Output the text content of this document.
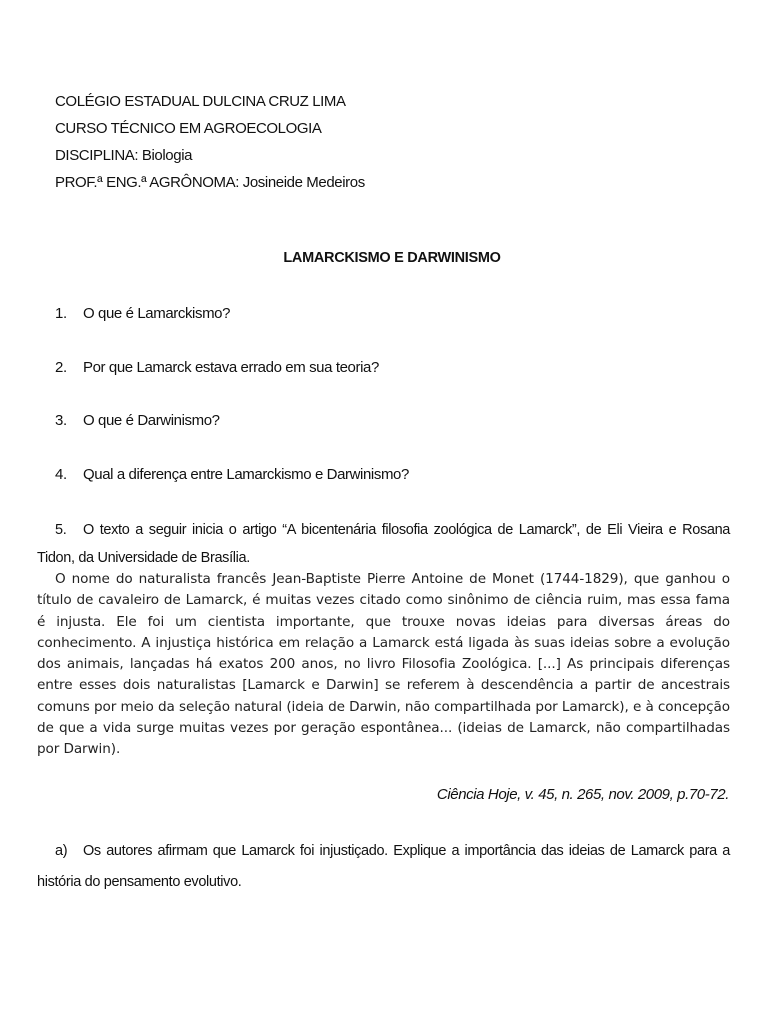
COLÉGIO ESTADUAL DULCINA CRUZ LIMA
CURSO TÉCNICO EM AGROECOLOGIA
DISCIPLINA: Biologia
PROF.ª ENG.ª AGRÔNOMA: Josineide Medeiros
LAMARCKISMO E DARWINISMO
1. O que é Lamarckismo?
2. Por que Lamarck estava errado em sua teoria?
3. O que é Darwinismo?
4. Qual a diferença entre Lamarckismo e Darwinismo?
5. O texto a seguir inicia o artigo “A bicentenária filosofia zoológica de Lamarck”, de Eli Vieira e Rosana Tidon, da Universidade de Brasília.
O nome do naturalista francês Jean-Baptiste Pierre Antoine de Monet (1744-1829), que ganhou o título de cavaleiro de Lamarck, é muitas vezes citado como sinônimo de ciência ruim, mas essa fama é injusta. Ele foi um cientista importante, que trouxe novas ideias para diversas áreas do conhecimento. A injustiça histórica em relação a Lamarck está ligada às suas ideias sobre a evolução dos animais, lançadas há exatos 200 anos, no livro Filosofia Zoológica. [...] As principais diferenças entre esses dois naturalistas [Lamarck e Darwin] se referem à descendência a partir de ancestrais comuns por meio da seleção natural (ideia de Darwin, não compartilhada por Lamarck), e à concepção de que a vida surge muitas vezes por geração espontânea... (ideias de Lamarck, não compartilhadas por Darwin).
Ciência Hoje, v. 45, n. 265, nov. 2009, p.70-72.
a) Os autores afirmam que Lamarck foi injustiçado. Explique a importância das ideias de Lamarck para a história do pensamento evolutivo.
